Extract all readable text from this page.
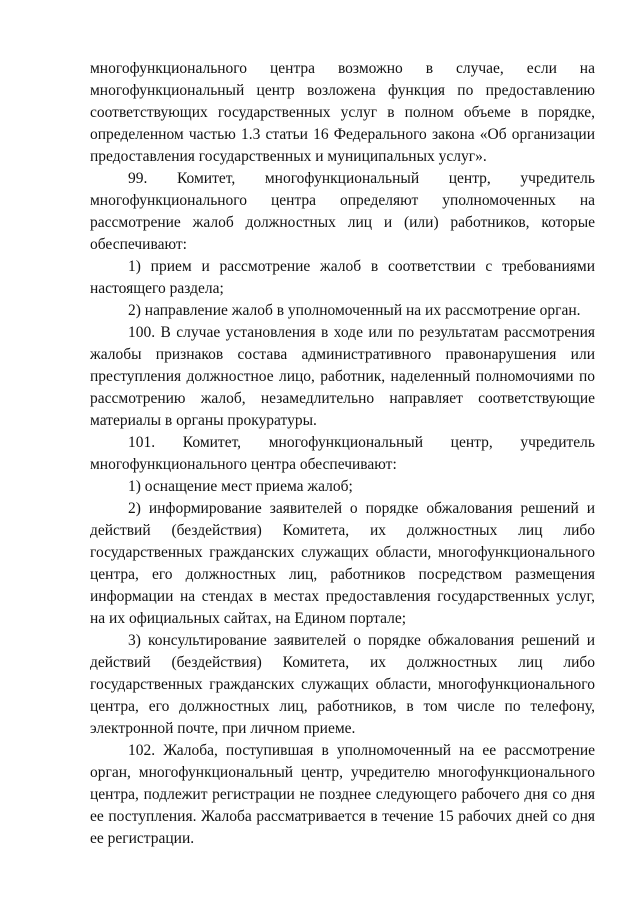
многофункционального центра возможно в случае, если на многофункциональный центр возложена функция по предоставлению соответствующих государственных услуг в полном объеме в порядке, определенном частью 1.3 статьи 16 Федерального закона «Об организации предоставления государственных и муниципальных услуг».

99. Комитет, многофункциональный центр, учредитель многофункционального центра определяют уполномоченных на рассмотрение жалоб должностных лиц и (или) работников, которые обеспечивают:

1) прием и рассмотрение жалоб в соответствии с требованиями настоящего раздела;

2) направление жалоб в уполномоченный на их рассмотрение орган.

100. В случае установления в ходе или по результатам рассмотрения жалобы признаков состава административного правонарушения или преступления должностное лицо, работник, наделенный полномочиями по рассмотрению жалоб, незамедлительно направляет соответствующие материалы в органы прокуратуры.

101. Комитет, многофункциональный центр, учредитель многофункционального центра обеспечивают:

1) оснащение мест приема жалоб;

2) информирование заявителей о порядке обжалования решений и действий (бездействия) Комитета, их должностных лиц либо государственных гражданских служащих области, многофункционального центра, его должностных лиц, работников посредством размещения информации на стендах в местах предоставления государственных услуг, на их официальных сайтах, на Едином портале;

3) консультирование заявителей о порядке обжалования решений и действий (бездействия) Комитета, их должностных лиц либо государственных гражданских служащих области, многофункционального центра, его должностных лиц, работников, в том числе по телефону, электронной почте, при личном приеме.

102. Жалоба, поступившая в уполномоченный на ее рассмотрение орган, многофункциональный центр, учредителю многофункционального центра, подлежит регистрации не позднее следующего рабочего дня со дня ее поступления. Жалоба рассматривается в течение 15 рабочих дней со дня ее регистрации.
